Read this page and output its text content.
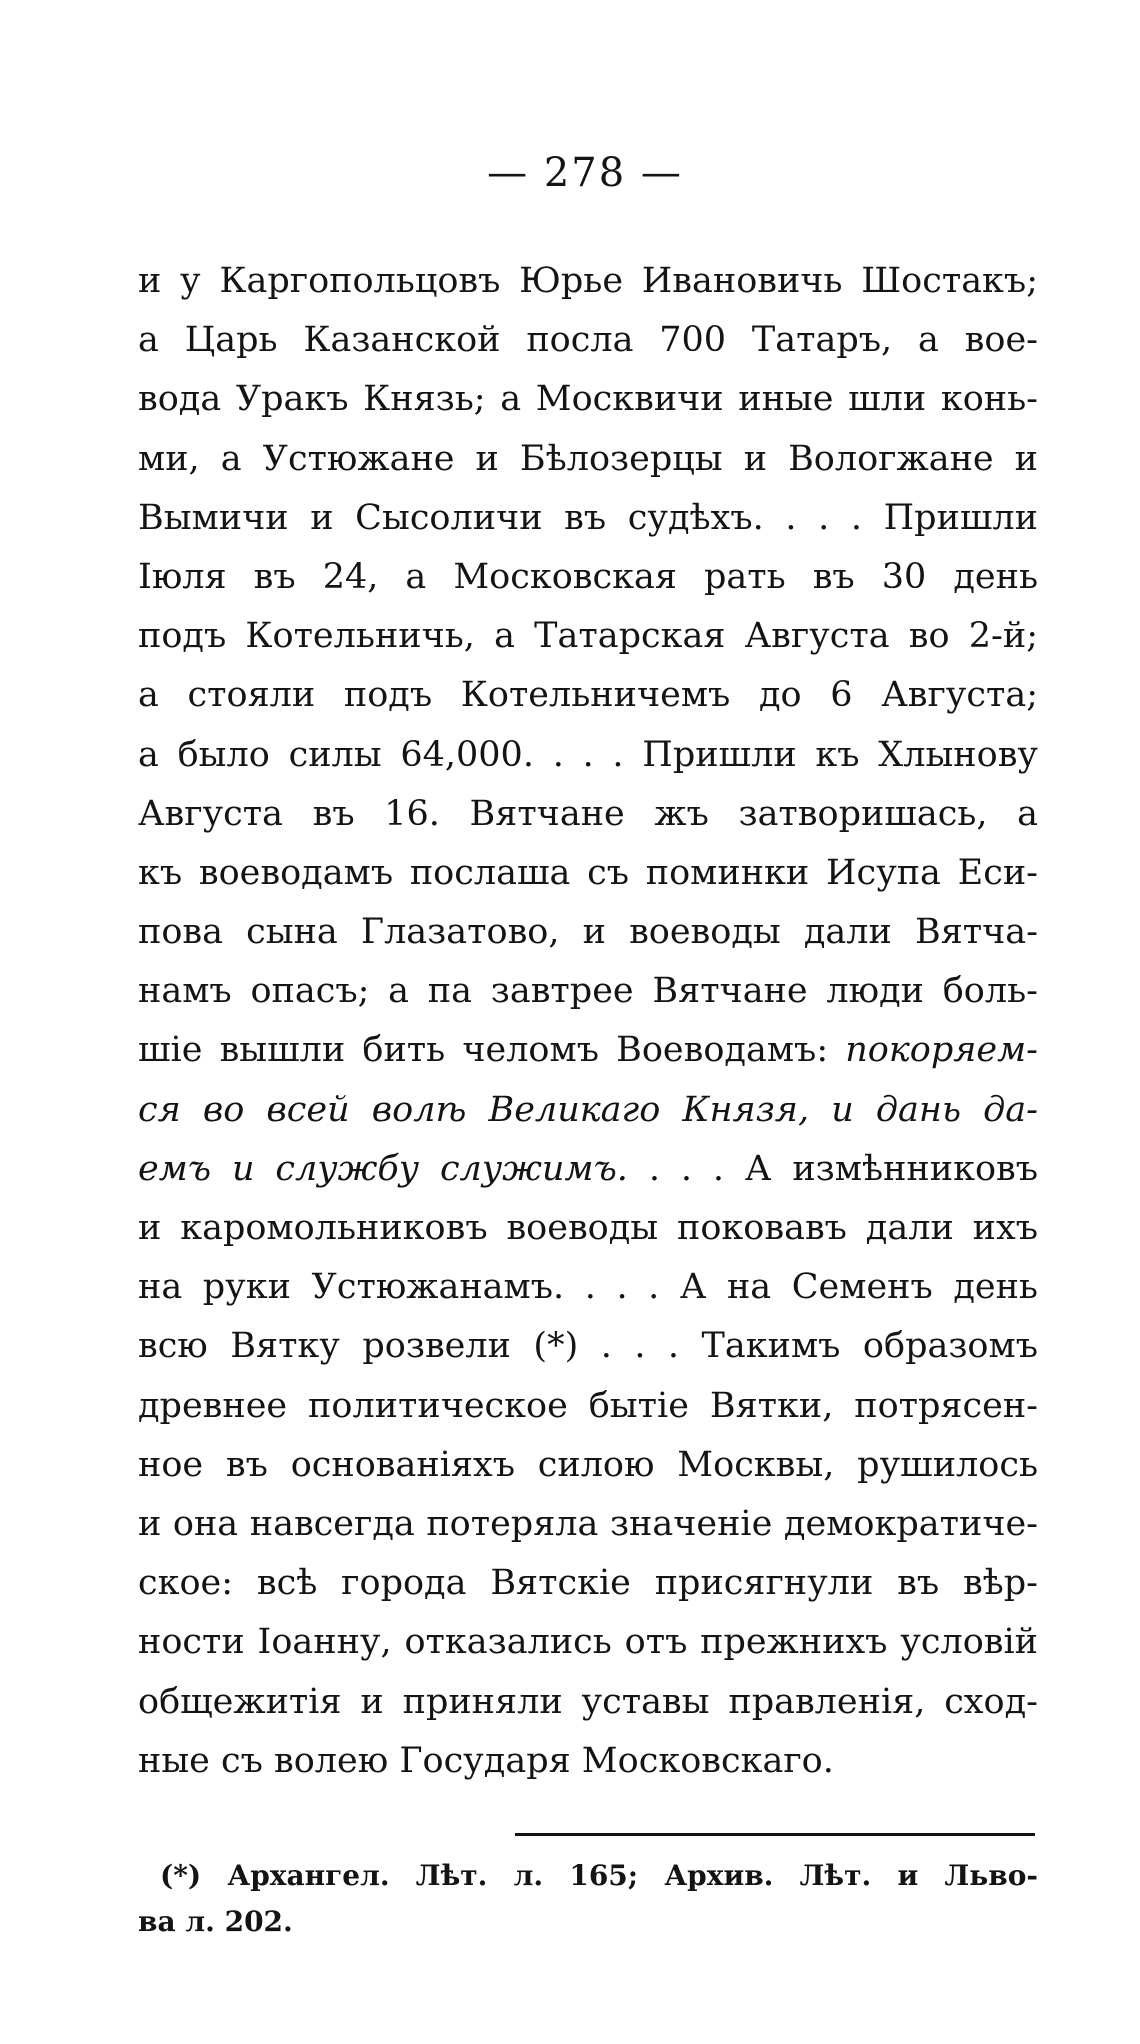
— 278 —
и у Каргопольцовъ Юрье Ивановичь Шостакъ;
а Царь Казанской посла 700 Татаръ, а вое-
вода Уракъ Князь; а Москвичи иные шли конь-
ми, а Устюжане и Бѣлозерцы и Вологжане и
Вымичи и Сысоличи въ судѣхъ. . . . Пришли
Іюля въ 24, а Московская рать въ 30 день
подъ Котельничь, а Татарская Августа во 2-й;
а стояли подъ Котельничемъ до 6 Августа;
а было силы 64,000. . . . Пришли къ Хлынову
Августа въ 16. Вятчане жъ затворишась, а
къ воеводамъ послаша съ поминки Исупа Еси-
пова сына Глазатово, и воеводы дали Вятча-
намъ опасъ; а па завтрее Вятчане люди боль-
шіе вышли бить челомъ Воеводамъ: покоряем-
ся во всей волѣ Великаго Князя, и дань да-
емъ и службу служимъ. . . . А измѣнниковъ
и каромольниковъ воеводы поковавъ дали ихъ
на руки Устюжанамъ. . . . А на Семенъ день
всю Вятку розвели (*) . . . Такимъ образомъ
древнее политическое бытіе Вятки, потрясен-
ное въ основаніяхъ силою Москвы, рушилось
и она навсегда потеряла значеніе демократиче-
ское: всѣ города Вятскіе присягнули въ вѣр-
ности Іоанну, отказались отъ прежнихъ условій
общежитія и приняли уставы правленія, сход-
ные съ волею Государя Московскаго.
(*) Архангел. Лѣт. л. 165; Архив. Лѣт. и Льво-
ва л. 202.
